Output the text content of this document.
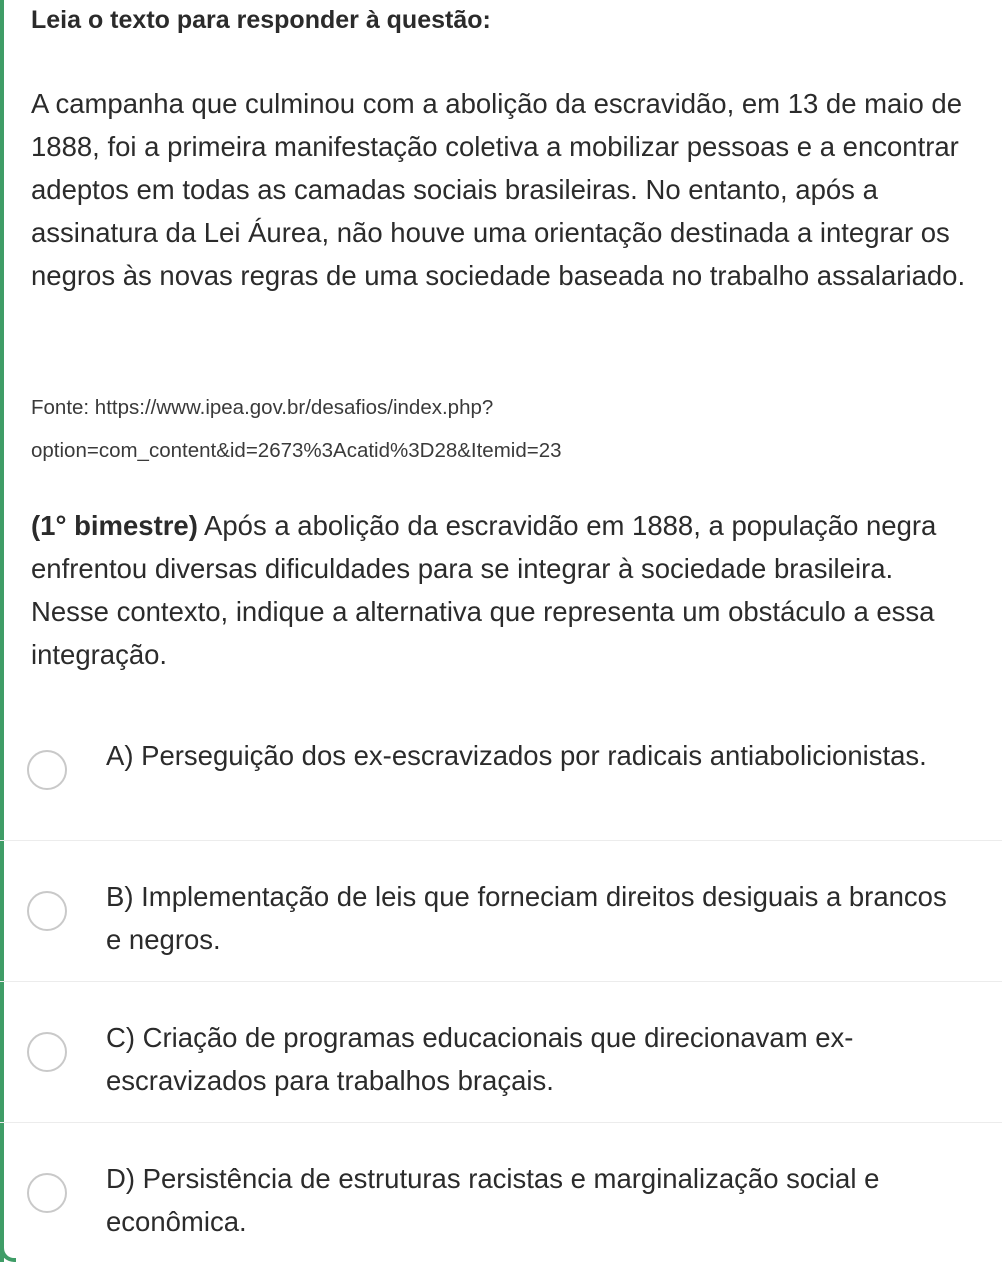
Leia o texto para responder à questão:
A campanha que culminou com a abolição da escravidão, em 13 de maio de 1888, foi a primeira manifestação coletiva a mobilizar pessoas e a encontrar adeptos em todas as camadas sociais brasileiras. No entanto, após a assinatura da Lei Áurea, não houve uma orientação destinada a integrar os negros às novas regras de uma sociedade baseada no trabalho assalariado.
Fonte: https://www.ipea.gov.br/desafios/index.php?
option=com_content&id=2673%3Acatid%3D28&Itemid=23
(1° bimestre) Após a abolição da escravidão em 1888, a população negra enfrentou diversas dificuldades para se integrar à sociedade brasileira. Nesse contexto, indique a alternativa que representa um obstáculo a essa integração.
A) Perseguição dos ex-escravizados por radicais antiabolicionistas.
B) Implementação de leis que forneciam direitos desiguais a brancos e negros.
C) Criação de programas educacionais que direcionavam ex-escravizados para trabalhos braçais.
D) Persistência de estruturas racistas e marginalização social e econômica.
